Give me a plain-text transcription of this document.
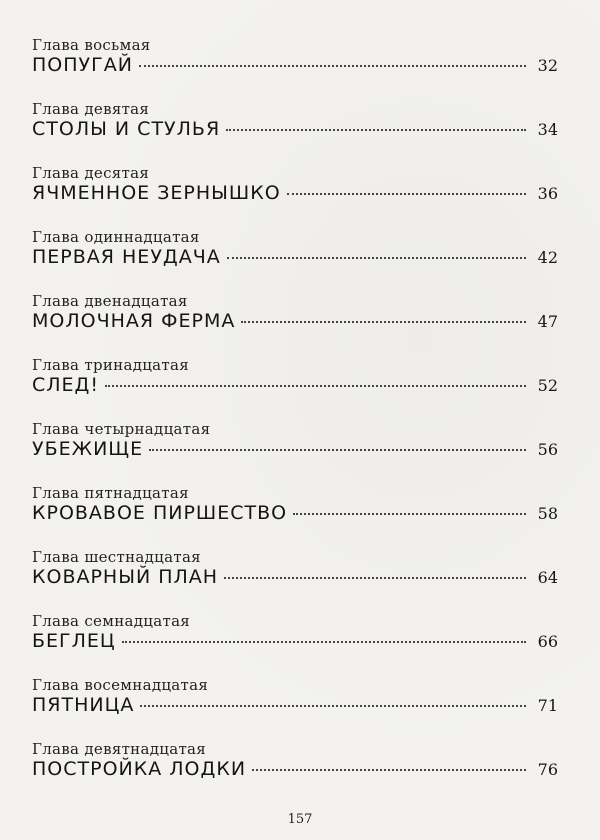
Глава восьмая
ПОПУГАЙ	32
Глава девятая
СТОЛЫ И СТУЛЬЯ	34
Глава десятая
ЯЧМЕННОЕ ЗЕРНЫШКО	36
Глава одиннадцатая
ПЕРВАЯ НЕУДАЧА	42
Глава двенадцатая
МОЛОЧНАЯ ФЕРМА	47
Глава тринадцатая
СЛЕД!	52
Глава четырнадцатая
УБЕЖИЩЕ	56
Глава пятнадцатая
КРОВАВОЕ ПИРШЕСТВО	58
Глава шестнадцатая
КОВАРНЫЙ ПЛАН	64
Глава семнадцатая
БЕГЛЕЦ	66
Глава восемнадцатая
ПЯТНИЦА	71
Глава девятнадцатая
ПОСТРОЙКА ЛОДКИ	76
157
